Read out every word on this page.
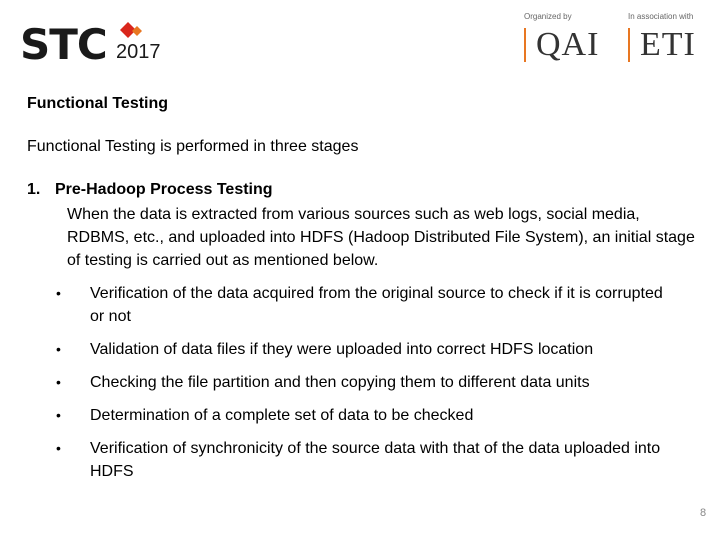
STC 2017
Organized by	In association with
QAI ETI
Functional Testing
Functional Testing is performed in three stages
1. Pre-Hadoop Process Testing
When the data is extracted from various sources such as web logs, social media, RDBMS, etc., and uploaded into HDFS (Hadoop Distributed File System), an initial stage of testing is carried out as mentioned below.
•	Verification of the data acquired from the original source to check if it is corrupted or not
•	Validation of data files if they were uploaded into correct HDFS location
•	Checking the file partition and then copying them to different data units
•	Determination of a complete set of data to be checked
•	Verification of synchronicity of the source data with that of the data uploaded into HDFS
8
